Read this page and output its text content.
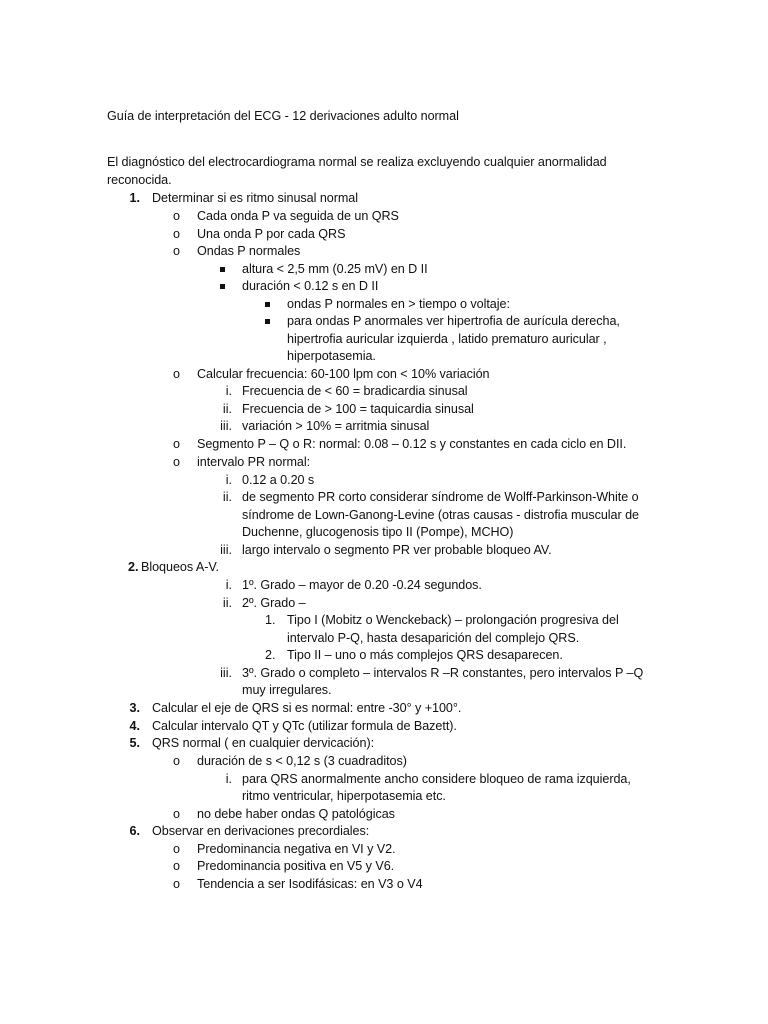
Guía de interpretación del ECG - 12 derivaciones adulto normal
El diagnóstico del electrocardiograma normal se realiza excluyendo cualquier anormalidad
reconocida.
1. Determinar si es ritmo sinusal normal
o Cada onda P va seguida de un QRS
o Una onda P por cada QRS
o Ondas P normales
altura < 2,5 mm (0.25 mV) en D II
duración < 0.12 s en D II
ondas P normales en > tiempo o voltaje:
para ondas P anormales ver hipertrofia de aurícula derecha,
hipertrofia auricular izquierda , latido prematuro auricular ,
hiperpotasemia.
o Calcular frecuencia: 60-100 lpm con < 10% variación
i. Frecuencia de < 60 = bradicardia sinusal
ii. Frecuencia de > 100 = taquicardia sinusal
iii. variación > 10% = arritmia sinusal
o Segmento P – Q o R: normal: 0.08 – 0.12 s y constantes en cada ciclo en DII.
o intervalo PR normal:
i. 0.12 a 0.20 s
ii. de segmento PR corto considerar síndrome de Wolff-Parkinson-White o
síndrome de Lown-Ganong-Levine (otras causas - distrofia muscular de
Duchenne, glucogenosis tipo II (Pompe), MCHO)
iii. largo intervalo o segmento PR ver probable bloqueo AV.
2. Bloqueos A-V.
i. 1º. Grado – mayor de 0.20 -0.24 segundos.
ii. 2º. Grado –
1. Tipo I (Mobitz o Wenckeback) – prolongación progresiva del
intervalo P-Q, hasta desaparición del complejo QRS.
2. Tipo II – uno o más complejos QRS desaparecen.
iii. 3º. Grado o completo – intervalos R –R constantes, pero intervalos P –Q
muy irregulares.
3. Calcular el eje de QRS si es normal: entre -30° y +100°.
4. Calcular intervalo QT y QTc (utilizar formula de Bazett).
5. QRS normal ( en cualquier dervicación):
o duración de s < 0,12 s (3 cuadraditos)
i. para QRS anormalmente ancho considere bloqueo de rama izquierda,
ritmo ventricular, hiperpotasemia etc.
o no debe haber ondas Q patológicas
6. Observar en derivaciones precordiales:
o Predominancia negativa en VI y V2.
o Predominancia positiva en V5 y V6.
o Tendencia a ser Isodifásicas: en V3 o V4
